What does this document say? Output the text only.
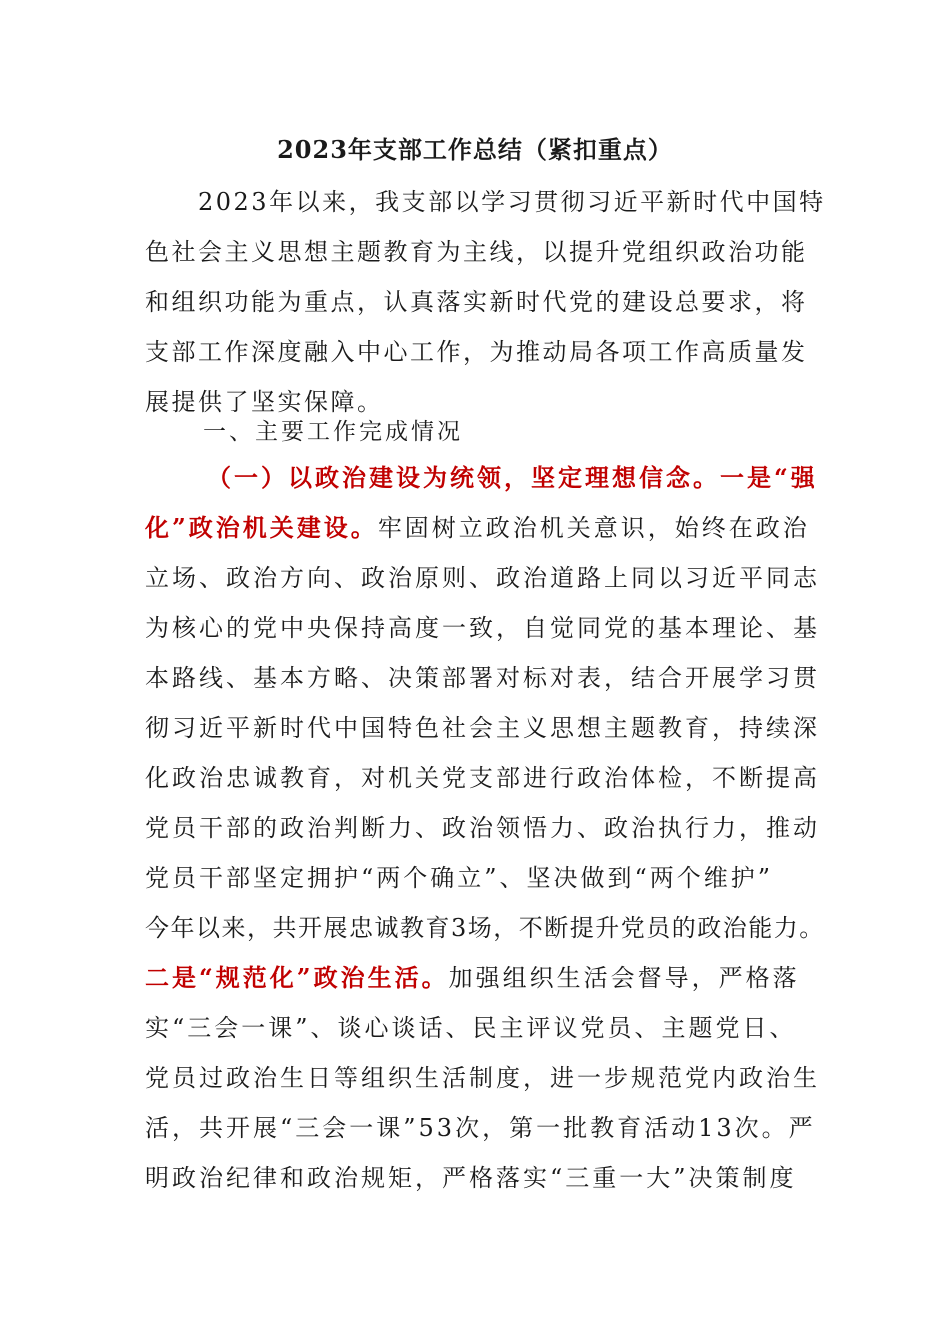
2023年支部工作总结（紧扣重点）
2023年以来，我支部以学习贯彻习近平新时代中国特
色社会主义思想主题教育为主线，以提升党组织政治功能
和组织功能为重点，认真落实新时代党的建设总要求，将
支部工作深度融入中心工作，为推动局各项工作高质量发
展提供了坚实保障。
一、主要工作完成情况
（一）以政治建设为统领，坚定理想信念。一是“强
化”政治机关建设。牢固树立政治机关意识，始终在政治
立场、政治方向、政治原则、政治道路上同以习近平同志
为核心的党中央保持高度一致，自觉同党的基本理论、基
本路线、基本方略、决策部署对标对表，结合开展学习贯
彻习近平新时代中国特色社会主义思想主题教育，持续深
化政治忠诚教育，对机关党支部进行政治体检，不断提高
党员干部的政治判断力、政治领悟力、政治执行力，推动
党员干部坚定拥护“两个确立”、坚决做到“两个维护”
今年以来，共开展忠诚教育3场，不断提升党员的政治能力。
二是“规范化”政治生活。加强组织生活会督导，严格落
实“三会一课”、谈心谈话、民主评议党员、主题党日、
党员过政治生日等组织生活制度，进一步规范党内政治生
活，共开展“三会一课”53次，第一批教育活动13次。严
明政治纪律和政治规矩，严格落实“三重一大”决策制度
